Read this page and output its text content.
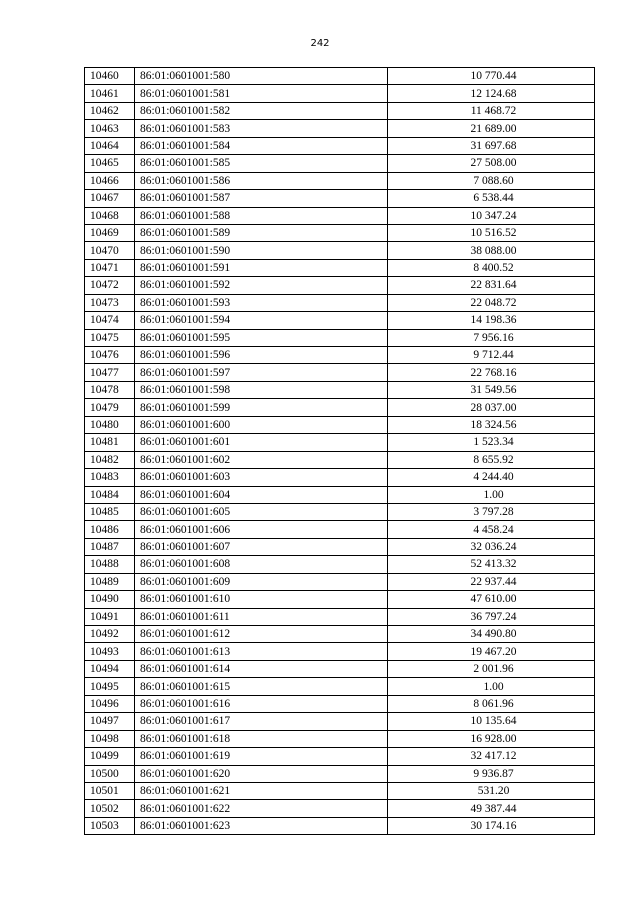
242
10460	86:01:0601001:580	10 770.44
10461	86:01:0601001:581	12 124.68
10462	86:01:0601001:582	11 468.72
10463	86:01:0601001:583	21 689.00
10464	86:01:0601001:584	31 697.68
10465	86:01:0601001:585	27 508.00
10466	86:01:0601001:586	7 088.60
10467	86:01:0601001:587	6 538.44
10468	86:01:0601001:588	10 347.24
10469	86:01:0601001:589	10 516.52
10470	86:01:0601001:590	38 088.00
10471	86:01:0601001:591	8 400.52
10472	86:01:0601001:592	22 831.64
10473	86:01:0601001:593	22 048.72
10474	86:01:0601001:594	14 198.36
10475	86:01:0601001:595	7 956.16
10476	86:01:0601001:596	9 712.44
10477	86:01:0601001:597	22 768.16
10478	86:01:0601001:598	31 549.56
10479	86:01:0601001:599	28 037.00
10480	86:01:0601001:600	18 324.56
10481	86:01:0601001:601	1 523.34
10482	86:01:0601001:602	8 655.92
10483	86:01:0601001:603	4 244.40
10484	86:01:0601001:604	1.00
10485	86:01:0601001:605	3 797.28
10486	86:01:0601001:606	4 458.24
10487	86:01:0601001:607	32 036.24
10488	86:01:0601001:608	52 413.32
10489	86:01:0601001:609	22 937.44
10490	86:01:0601001:610	47 610.00
10491	86:01:0601001:611	36 797.24
10492	86:01:0601001:612	34 490.80
10493	86:01:0601001:613	19 467.20
10494	86:01:0601001:614	2 001.96
10495	86:01:0601001:615	1.00
10496	86:01:0601001:616	8 061.96
10497	86:01:0601001:617	10 135.64
10498	86:01:0601001:618	16 928.00
10499	86:01:0601001:619	32 417.12
10500	86:01:0601001:620	9 936.87
10501	86:01:0601001:621	531.20
10502	86:01:0601001:622	49 387.44
10503	86:01:0601001:623	30 174.16
